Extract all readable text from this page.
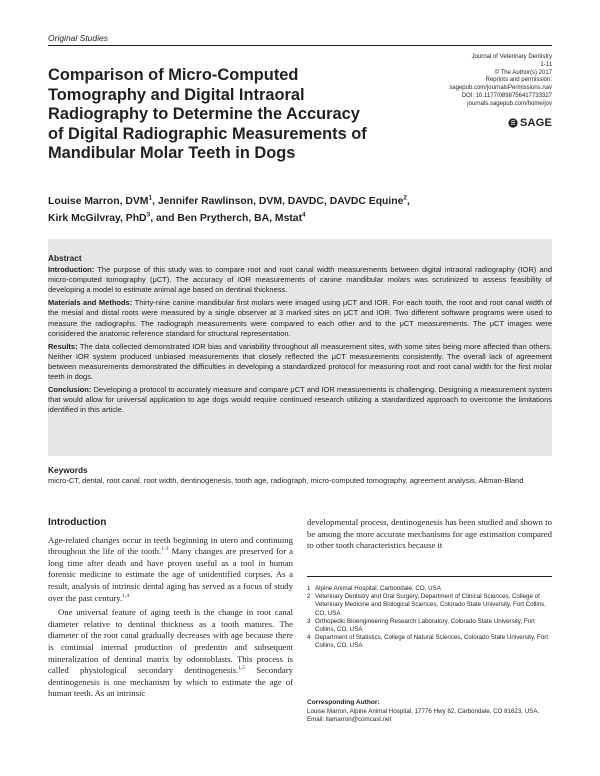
Original Studies
Journal of Veterinary Dentistry
1-11
© The Author(s) 2017
Reprints and permission:
sagepub.com/journalsPermissions.nav
DOI: 10.1177/0898756417733327
journals.sagepub.com/home/jov
SAGE
Comparison of Micro-Computed Tomography and Digital Intraoral Radiography to Determine the Accuracy of Digital Radiographic Measurements of Mandibular Molar Teeth in Dogs
Louise Marron, DVM$^1$, Jennifer Rawlinson, DVM, DAVDC, DAVDC Equine$^2$,
Kirk McGilvray, PhD$^3$, and Ben Prytherch, BA, Mstat$^4$
Abstract

Introduction: The purpose of this study was to compare root and root canal width measurements between digital intraoral radiography (IOR) and micro-computed tomography (μCT). The accuracy of IOR measurements of canine mandibular molars was scrutinized to assess feasibility of developing a model to estimate animal age based on dentinal thickness.

Materials and Methods: Thirty-nine canine mandibular first molars were imaged using μCT and IOR. For each tooth, the root and root canal width of the mesial and distal roots were measured by a single observer at 3 marked sites on μCT and IOR. Two different software programs were used to measure the radiographs. The radiograph measurements were compared to each other and to the μCT measurements. The μCT images were considered the anatomic reference standard for structural representation.

Results: The data collected demonstrated IOR bias and variability throughout all measurement sites, with some sites being more affected than others. Neither IOR system produced unbiased measurements that closely reflected the μCT measurements consistently. The overall lack of agreement between measurements demonstrated the difficulties in developing a standardized protocol for measuring root and root canal width for the first molar teeth in dogs.

Conclusion: Developing a protocol to accurately measure and compare μCT and IOR measurements is challenging. Designing a measurement system that would allow for universal application to age dogs would require continued research utilizing a standardized approach to overcome the limitations identified in this article.

Keywords
micro-CT, dental, root canal, root width, dentinogenesis, tooth age, radiograph, micro-computed tomography, agreement analysis, Altman-Bland
Introduction

Age-related changes occur in teeth beginning in utero and continuing throughout the life of the tooth.$^{1-3}$ Many changes are preserved for a long time after death and have proven useful as a tool in human forensic medicine to estimate the age of unidentified corpses. As a result, analysis of intrinsic dental aging has served as a focus of study over the past century.$^{1,4}$

One universal feature of aging teeth is the change in root canal diameter relative to dentinal thickness as a tooth matures. The diameter of the root canal gradually decreases with age because there is continual internal production of predentin and subsequent mineralization of dentinal matrix by odontoblasts. This process is called physiological secondary dentinogenesis.$^{1,5}$ Secondary dentinogenesis is one mechanism by which to estimate the age of human teeth. As an intrinsic

developmental process, dentinogenesis has been studied and shown to be among the more accurate mechanisms for age estimation compared to other tooth characteristics because it

1 Alpine Animal Hospital, Carbondale, CO, USA
2 Veterinary Dentistry and Oral Surgery, Department of Clinical Sciences, College of Veterinary Medicine and Biological Sciences, Colorado State University, Fort Collins, CO, USA
3 Orthopedic Bioengineering Research Laboratory, Colorado State University, Fort Collins, CO, USA
4 Department of Statistics, College of Natural Sciences, Colorado State University, Fort Collins, CO, USA
Corresponding Author:
Louise Marron, Alpine Animal Hospital, 17776 Hwy 82, Carbondale, CO 81623, USA.
Email: llamarron@comcast.net
